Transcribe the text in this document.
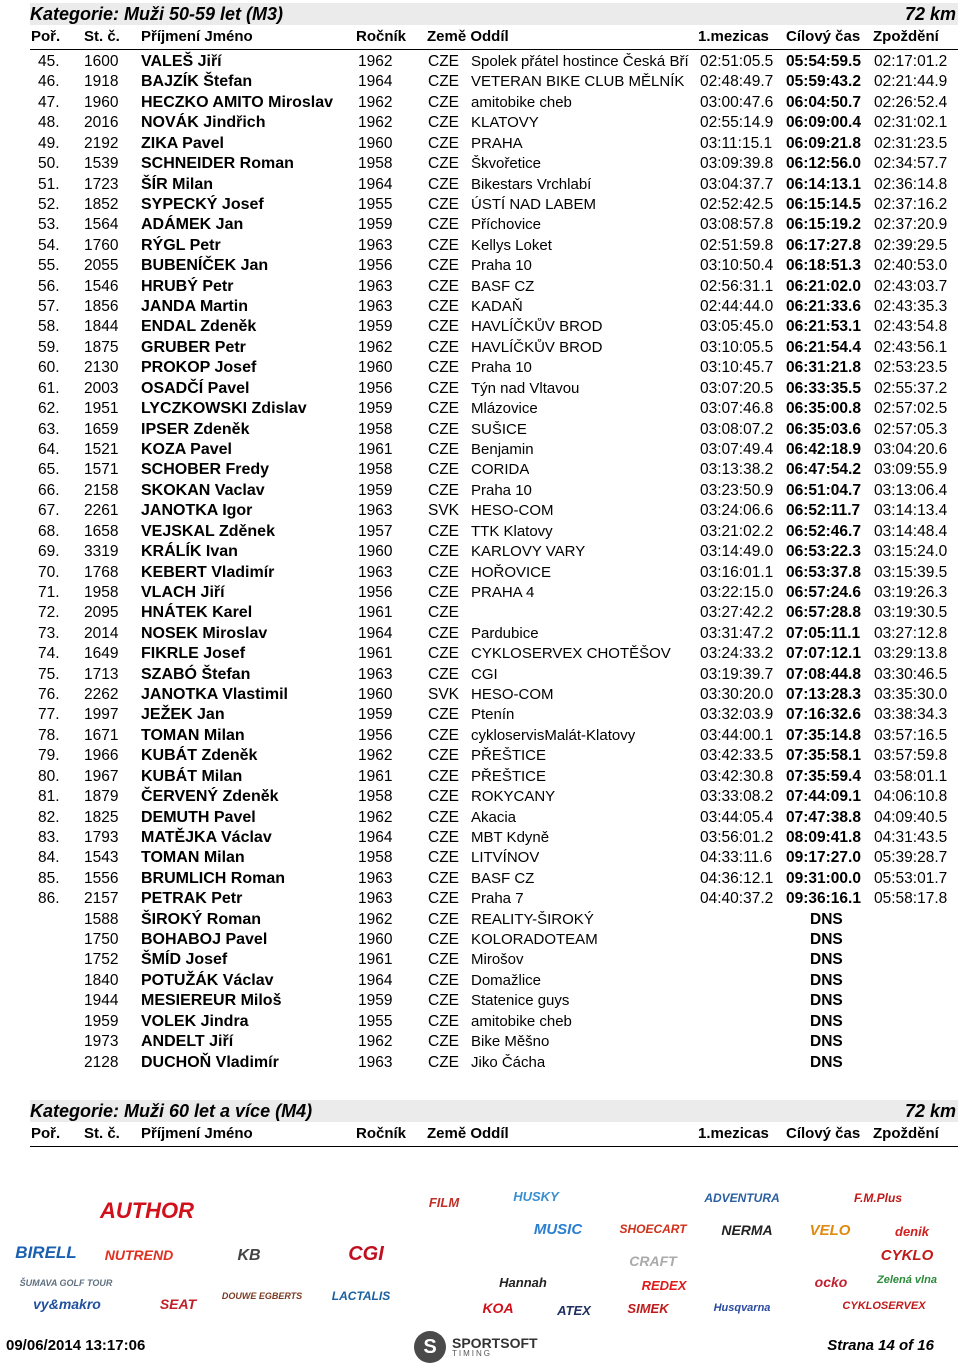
Kategorie: Muži 50-59 let (M3)	72 km
Poř. St. č. Příjmení Jméno	Ročník Země Oddíl	1.mezicas Cílový čas Zpoždění
45. 1600 VALEŠ Jiří	1962 CZE Spolek přátel hostince Česká Bří 02:51:05.5 05:54:59.5 02:17:01.2
46. 1918 BAJZÍK Štefan	1964 CZE VETERAN BIKE CLUB MĚLNÍK 02:48:49.7 05:59:43.2 02:21:44.9
47. 1960 HECZKO AMITO Miroslav 1962 CZE amitobike cheb	03:00:47.6 06:04:50.7 02:26:52.4
48. 2016 NOVÁK Jindřich	1962 CZE KLATOVY	02:55:14.9 06:09:00.4 02:31:02.1
49. 2192 ZIKA Pavel	1960 CZE PRAHA	03:11:15.1 06:09:21.8 02:31:23.5
50. 1539 SCHNEIDER Roman	1958 CZE Škvořetice	03:09:39.8 06:12:56.0 02:34:57.7
51. 1723 ŠÍR Milan	1964 CZE Bikestars Vrchlabí	03:04:37.7 06:14:13.1 02:36:14.8
52. 1852 SYPECKÝ Josef	1955 CZE ÚSTÍ NAD LABEM	02:52:42.5 06:15:14.5 02:37:16.2
53. 1564 ADÁMEK Jan	1959 CZE Příchovice	03:08:57.8 06:15:19.2 02:37:20.9
54. 1760 RÝGL Petr	1963 CZE Kellys Loket	02:51:59.8 06:17:27.8 02:39:29.5
55. 2055 BUBENÍČEK Jan	1956 CZE Praha 10	03:10:50.4 06:18:51.3 02:40:53.0
56. 1546 HRUBÝ Petr	1963 CZE BASF CZ	02:56:31.1 06:21:02.0 02:43:03.7
57. 1856 JANDA Martin	1963 CZE KADAŇ	02:44:44.0 06:21:33.6 02:43:35.3
58. 1844 ENDAL Zdeněk	1959 CZE HAVLÍČKŮV BROD	03:05:45.0 06:21:53.1 02:43:54.8
59. 1875 GRUBER Petr	1962 CZE HAVLÍČKŮV BROD	03:10:05.5 06:21:54.4 02:43:56.1
60. 2130 PROKOP Josef	1960 CZE Praha 10	03:10:45.7 06:31:21.8 02:53:23.5
61. 2003 OSADČÍ Pavel	1956 CZE Týn nad Vltavou	03:07:20.5 06:33:35.5 02:55:37.2
62. 1951 LYCZKOWSKI Zdislav	1959 CZE Mlázovice	03:07:46.8 06:35:00.8 02:57:02.5
63. 1659 IPSER Zdeněk	1958 CZE SUŠICE	03:08:07.2 06:35:03.6 02:57:05.3
64. 1521 KOZA Pavel	1961 CZE Benjamin	03:07:49.4 06:42:18.9 03:04:20.6
65. 1571 SCHOBER Fredy	1958 CZE CORIDA	03:13:38.2 06:47:54.2 03:09:55.9
66. 2158 SKOKAN Vaclav	1959 CZE Praha 10	03:23:50.9 06:51:04.7 03:13:06.4
67. 2261 JANOTKA Igor	1963 SVK HESO-COM	03:24:06.6 06:52:11.7 03:14:13.4
68. 1658 VEJSKAL Zděnek	1957 CZE TTK Klatovy	03:21:02.2 06:52:46.7 03:14:48.4
69. 3319 KRÁLÍK Ivan	1960 CZE KARLOVY VARY	03:14:49.0 06:53:22.3 03:15:24.0
70. 1768 KEBERT Vladimír	1963 CZE HOŘOVICE	03:16:01.1 06:53:37.8 03:15:39.5
71. 1958 VLACH Jiří	1956 CZE PRAHA 4	03:22:15.0 06:57:24.6 03:19:26.3
72. 2095 HNÁTEK Karel	1961 CZE	03:27:42.2 06:57:28.8 03:19:30.5
73. 2014 NOSEK Miroslav	1964 CZE Pardubice	03:31:47.2 07:05:11.1 03:27:12.8
74. 1649 FIKRLE Josef	1961 CZE CYKLOSERVEX CHOTĚŠOV 03:24:33.2 07:07:12.1 03:29:13.8
75. 1713 SZABÓ Štefan	1963 CZE CGI	03:19:39.7 07:08:44.8 03:30:46.5
76. 2262 JANOTKA Vlastimil	1960 SVK HESO-COM	03:30:20.0 07:13:28.3 03:35:30.0
77. 1997 JEŽEK Jan	1959 CZE Ptenín	03:32:03.9 07:16:32.6 03:38:34.3
78. 1671 TOMAN Milan	1956 CZE cykloservisMalát-Klatovy	03:44:00.1 07:35:14.8 03:57:16.5
79. 1966 KUBÁT Zdeněk	1962 CZE PŘEŠTICE	03:42:33.5 07:35:58.1 03:57:59.8
80. 1967 KUBÁT Milan	1961 CZE PŘEŠTICE	03:42:30.8 07:35:59.4 03:58:01.1
81. 1879 ČERVENÝ Zdeněk	1958 CZE ROKYCANY	03:33:08.2 07:44:09.1 04:06:10.8
82. 1825 DEMUTH Pavel	1962 CZE Akacia	03:44:05.4 07:47:38.8 04:09:40.5
83. 1793 MATĚJKA Václav	1964 CZE MBT Kdyně	03:56:01.2 08:09:41.8 04:31:43.5
84. 1543 TOMAN Milan	1958 CZE LITVÍNOV	04:33:11.6 09:17:27.0 05:39:28.7
85. 1556 BRUMLICH Roman	1963 CZE BASF CZ	04:36:12.1 09:31:00.0 05:53:01.7
86. 2157 PETRAK Petr	1963 CZE Praha 7	04:40:37.2 09:36:16.1 05:58:17.8
1588 ŠIROKÝ Roman	1962 CZE REALITY-ŠIROKÝ	DNS
1750 BOHABOJ Pavel	1960 CZE KOLORADOTEAM	DNS
1752 ŠMÍD Josef	1961 CZE Mirošov	DNS
1840 POTUŽÁK Václav	1964 CZE Domažlice	DNS
1944 MESIEREUR Miloš	1959 CZE Statenice guys	DNS
1959 VOLEK Jindra	1955 CZE amitobike cheb	DNS
1973 ANDELT Jiří	1962 CZE Bike Měšno	DNS
2128 DUCHOŇ Vladimír	1963 CZE Jiko Čácha	DNS
Kategorie: Muži 60 let a více (M4)	72 km
Poř. St. č. Příjmení Jméno	Ročník Země Oddíl	1.mezicas Cílový čas Zpoždění
AUTHOR	FILM	HUSKY	ADVENTURA	F.M.Plus
BIRELL	NUTREND	KB	CGI
MUSIC	SHOECART	NERMA	VELO	denik
CYKLO
ŠUMAVA GOLF TOUR
vy&makro	SEAT	DOUWE EGBERTS	LACTALIS
Hannah
CRAFT
REDEX
ATEX	SIMEK
KOA	Husqvarna
ocko	Zelená vlna
CYKLOSERVEX
09/06/2014 13:17:06	S	SPORTSOFT
TIMING	Strana 14 of 16
